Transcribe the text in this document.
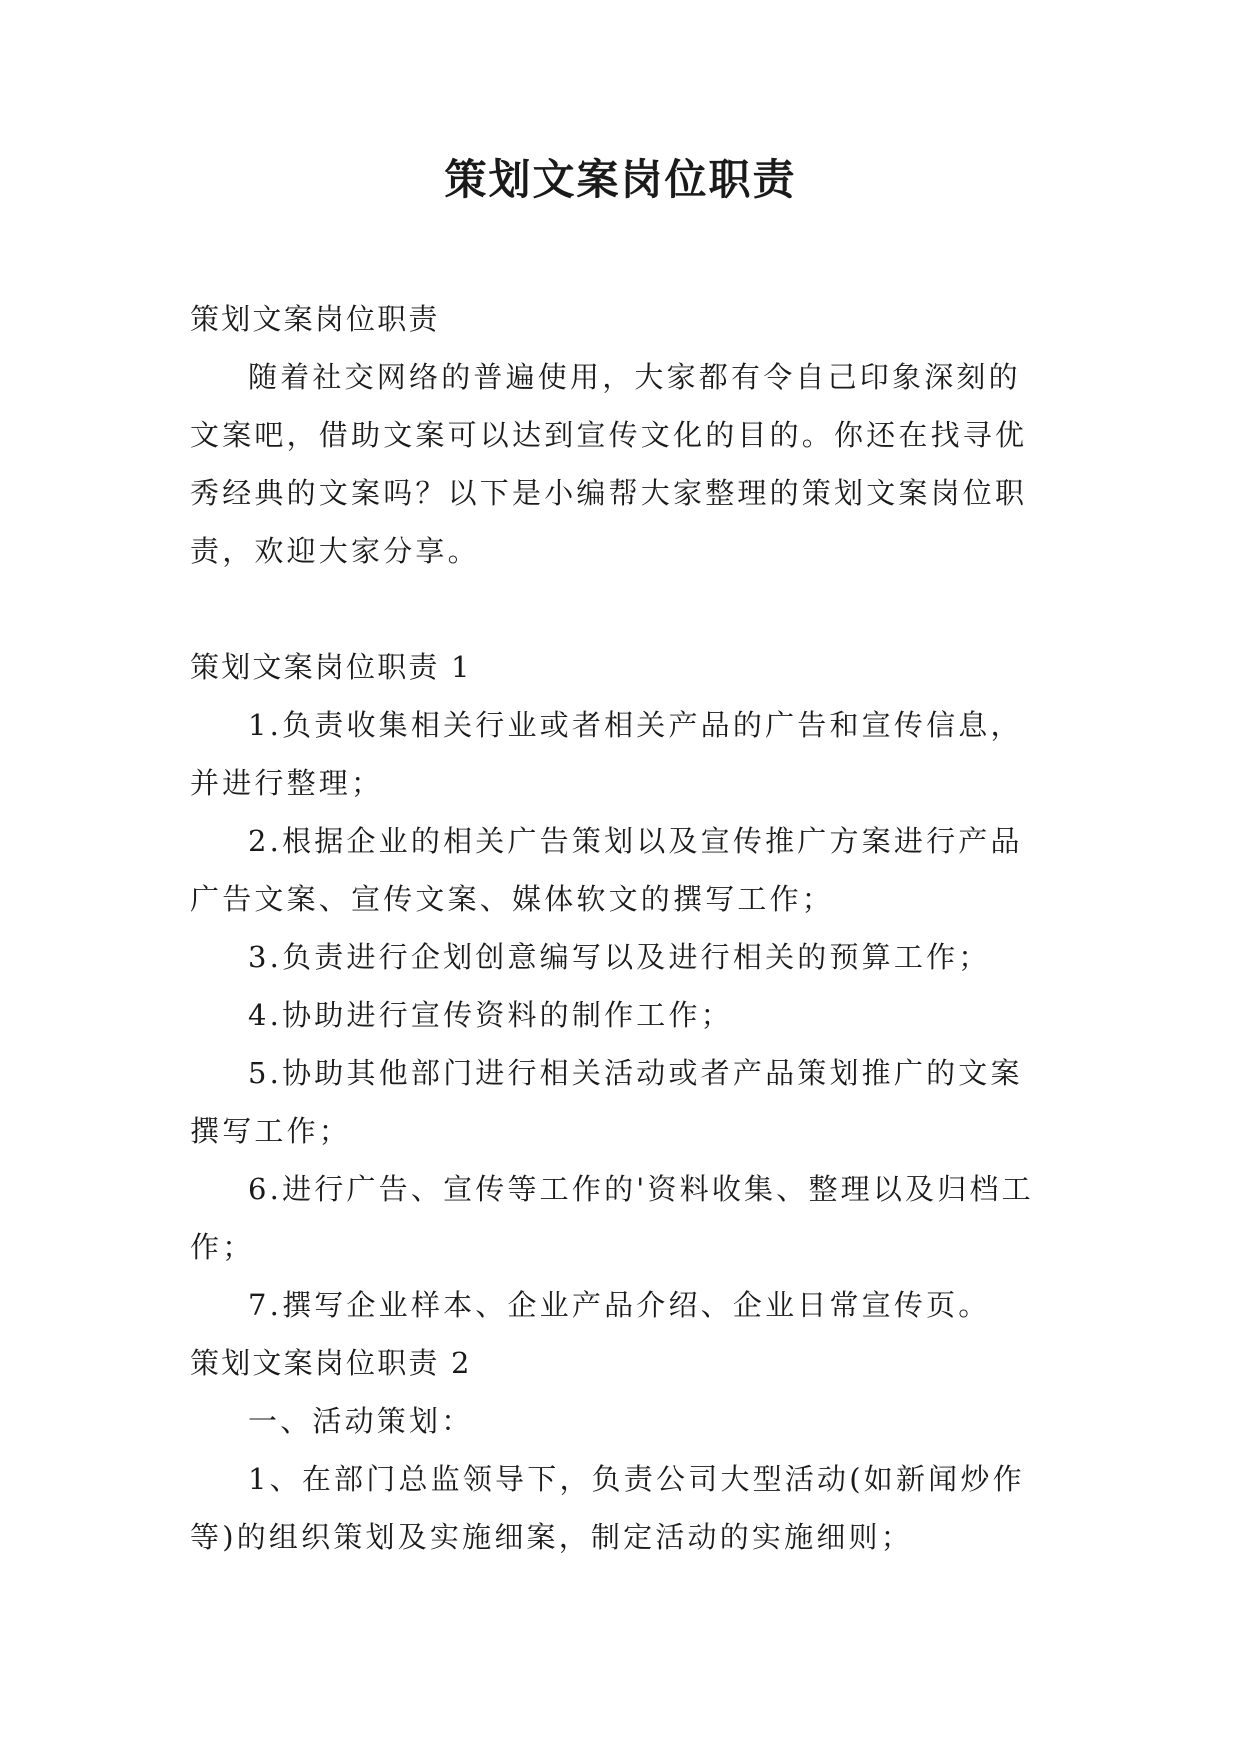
策划文案岗位职责

策划文案岗位职责

随着社交网络的普遍使用，大家都有令自己印象深刻的文案吧，借助文案可以达到宣传文化的目的。你还在找寻优秀经典的文案吗？以下是小编帮大家整理的策划文案岗位职责，欢迎大家分享。

策划文案岗位职责 1

1.负责收集相关行业或者相关产品的广告和宣传信息，并进行整理；

2.根据企业的相关广告策划以及宣传推广方案进行产品广告文案、宣传文案、媒体软文的撰写工作；

3.负责进行企划创意编写以及进行相关的预算工作；

4.协助进行宣传资料的制作工作；

5.协助其他部门进行相关活动或者产品策划推广的文案撰写工作；

6.进行广告、宣传等工作的'资料收集、整理以及归档工作；

7.撰写企业样本、企业产品介绍、企业日常宣传页。

策划文案岗位职责 2

一、活动策划：

1、在部门总监领导下，负责公司大型活动(如新闻炒作等)的组织策划及实施细案，制定活动的实施细则；
